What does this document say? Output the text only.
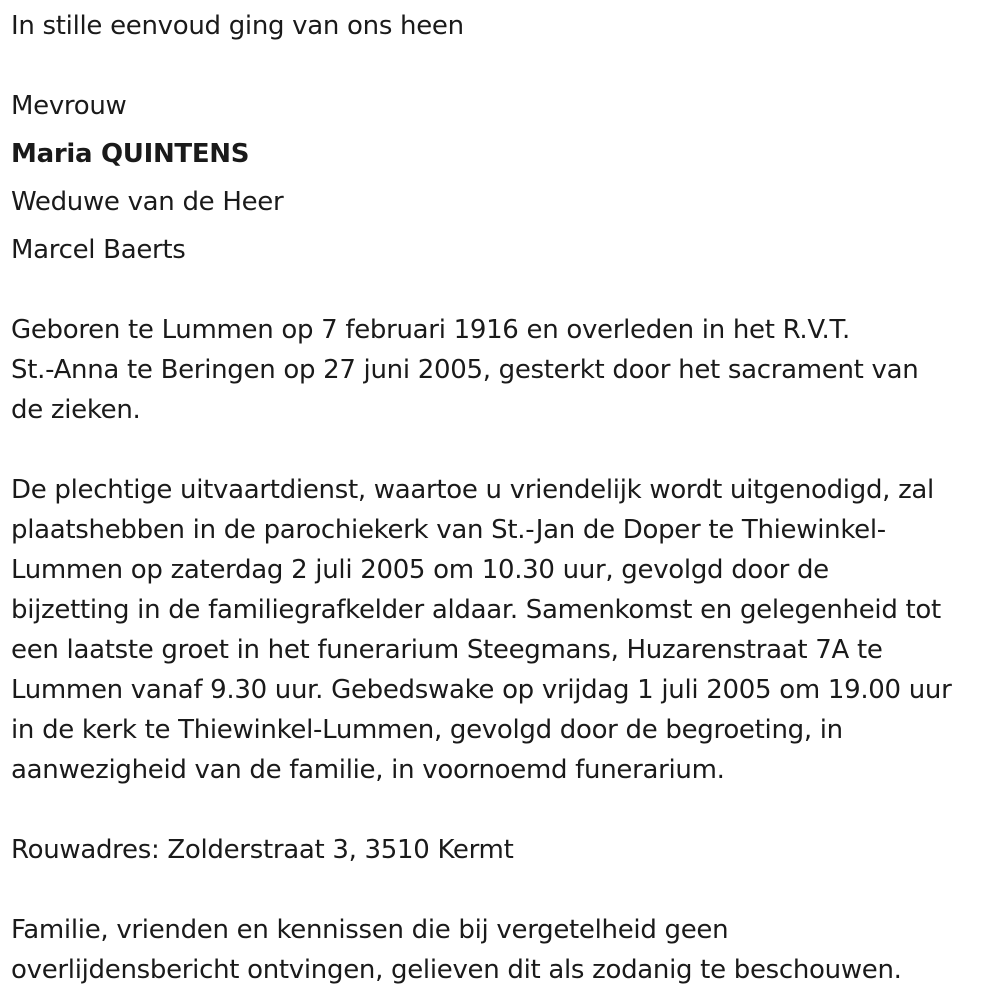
In stille eenvoud ging van ons heen
Mevrouw
Maria QUINTENS
Weduwe van de Heer
Marcel Baerts
Geboren te Lummen op 7 februari 1916 en overleden in het R.V.T.
St.-Anna te Beringen op 27 juni 2005, gesterkt door het sacrament van
de zieken.
De plechtige uitvaartdienst, waartoe u vriendelijk wordt uitgenodigd, zal
plaatshebben in de parochiekerk van St.-Jan de Doper te Thiewinkel-
Lummen op zaterdag 2 juli 2005 om 10.30 uur, gevolgd door de
bijzetting in de familiegrafkelder aldaar. Samenkomst en gelegenheid tot
een laatste groet in het funerarium Steegmans, Huzarenstraat 7A te
Lummen vanaf 9.30 uur. Gebedswake op vrijdag 1 juli 2005 om 19.00 uur
in de kerk te Thiewinkel-Lummen, gevolgd door de begroeting, in
aanwezigheid van de familie, in voornoemd funerarium.
Rouwadres: Zolderstraat 3, 3510 Kermt
Familie, vrienden en kennissen die bij vergetelheid geen
overlijdensbericht ontvingen, gelieven dit als zodanig te beschouwen.
